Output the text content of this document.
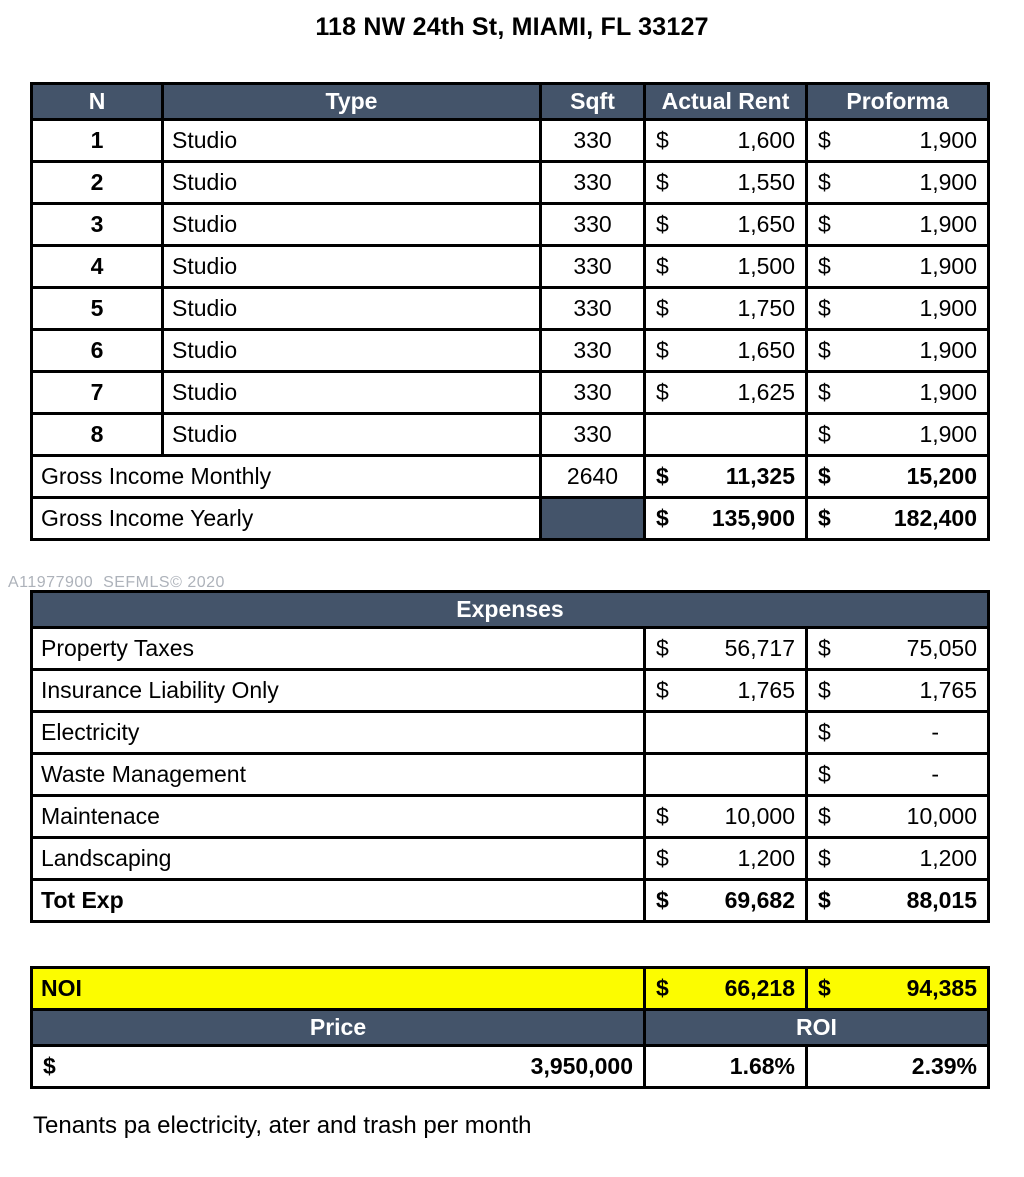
118 NW 24th St, MIAMI, FL 33127
A11977900  SEFMLS© 2020
N	Type	Sqft	Actual Rent	Proforma
1	Studio	330	$ 1,600	$ 1,900

2	Studio	330	$ 1,550	$ 1,900

3	Studio	330	$ 1,650	$ 1,900

4	Studio	330	$ 1,500	$ 1,900

5	Studio	330	$ 1,750	$ 1,900

6	Studio	330	$ 1,650	$ 1,900

7	Studio	330	$ 1,625	$ 1,900

8	Studio	330		$ 1,900

Gross Income Monthly		2640	$ 11,325	$ 15,200

Gross Income Yearly			$ 135,900	$ 182,400
Expenses		
Property Taxes	$ 56,717	$ 75,050

Insurance Liability Only	$ 1,765	$ 1,765

Electricity		$ -

Waste Management		$ -

Maintenace	$ 10,000	$ 10,000

Landscaping	$ 1,200	$ 1,200

Tot Exp	$ 69,682	$ 88,015
NOI	$ 66,218	$ 94,385

Price	ROI	

$ 3,950,000	1.68%	2.39%
Tenants pa electricity, ater and trash per month
